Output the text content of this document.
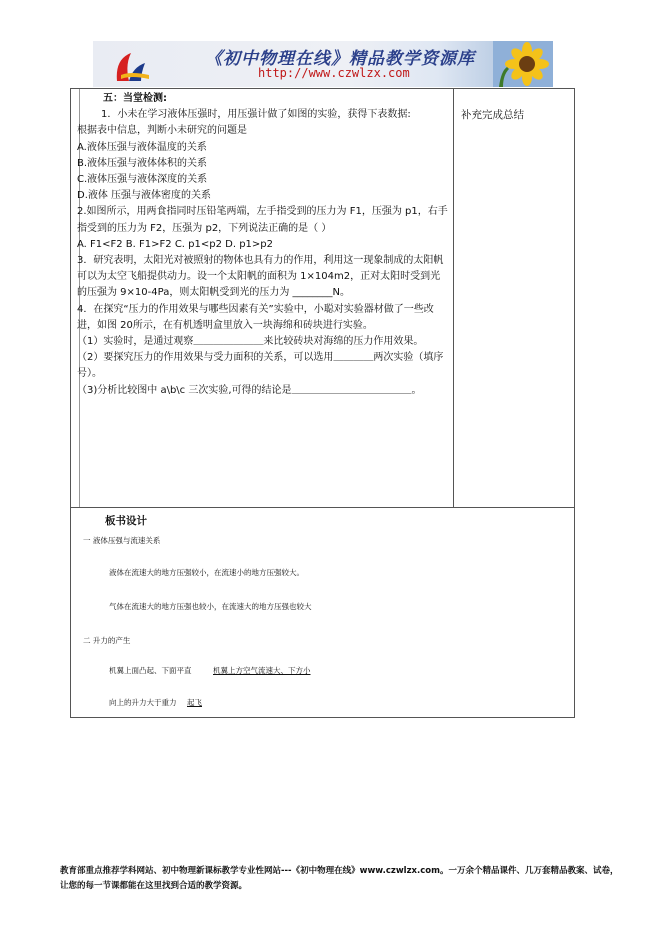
《初中物理在线》精品教学资源库
http://www.czwlzx.com

五：当堂检测:

1．小未在学习液体压强时，用压强计做了如图的实验，获得下表数据:

根据表中信息，判断小未研究的问题是

A.液体压强与液体温度的关系

B.液体压强与液体体积的关系

C.液体压强与液体深度的关系

D.液体 压强与液体密度的关系

2.如图所示，用两食指同时压铅笔两端，左手指受到的压力为 F1，压强为 p1，右手指受到的压力为 F2，压强为 p2，下列说法正确的是（ ）

A. F1<F2 B. F1>F2 C. p1<p2 D. p1>p2

3．研究表明，太阳光对被照射的物体也具有力的作用，利用这一现象制成的太阳帆可以为太空飞船提供动力。设一个太阳帆的面积为 1×104m2，正对太阳时受到光的压强为 9×10-4Pa，则太阳帆受到光的压力为 ________N。

4．在探究“压力的作用效果与哪些因素有关”实验中，小聪对实验器材做了一些改进，如图 20所示，在有机透明盒里放入一块海绵和砖块进行实验。

（1）实验时，是通过观察＿＿＿＿＿＿＿来比较砖块对海绵的压力作用效果。

（2）要探究压力的作用效果与受力面积的关系，可以选用＿＿＿＿两次实验（填序号）。

（3)分析比较图中 a\b\c 三次实验,可得的结论是＿＿＿＿＿＿＿＿＿＿＿＿。

补充完成总结
板书设计
一 液体压强与流速关系
液体在流速大的地方压强较小，在流速小的地方压强较大。
气体在流速大的地方压强也较小，在流速大的地方压强也较大
二 升力的产生
机翼上面凸起、下面平直	机翼上方空气流速大、下方小
向上的升力大于重力 起飞
教育部重点推荐学科网站、初中物理新课标教学专业性网站---《初中物理在线》www.czwlzx.com。一万余个精品课件、几万套精品教案、试卷，让您的每一节课都能在这里找到合适的教学资源。
